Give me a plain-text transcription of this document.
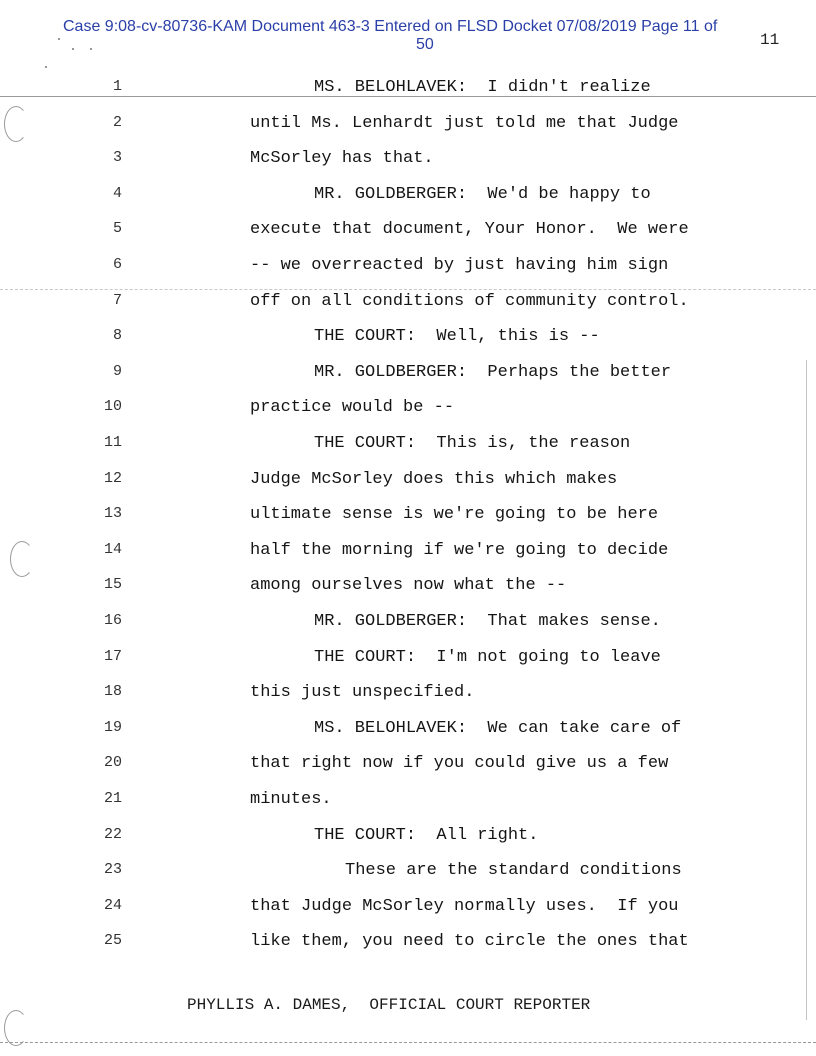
Case 9:08-cv-80736-KAM Document 463-3 Entered on FLSD Docket 07/08/2019 Page 11 of
50	11
1	MS. BELOHLAVEK:  I didn't realize
2	until Ms. Lenhardt just told me that Judge
3	McSorley has that.
4	MR. GOLDBERGER:  We'd be happy to
5	execute that document, Your Honor.  We were
6	-- we overreacted by just having him sign
7	off on all conditions of community control.
8	THE COURT:  Well, this is --
9	MR. GOLDBERGER:  Perhaps the better
10	practice would be --
11	THE COURT:  This is, the reason
12	Judge McSorley does this which makes
13	ultimate sense is we're going to be here
14	half the morning if we're going to decide
15	among ourselves now what the --
16	MR. GOLDBERGER:  That makes sense.
17	THE COURT:  I'm not going to leave
18	this just unspecified.
19	MS. BELOHLAVEK:  We can take care of
20	that right now if you could give us a few
21	minutes.
22	THE COURT:  All right.
23	These are the standard conditions
24	that Judge McSorley normally uses.  If you
25	like them, you need to circle the ones that
PHYLLIS A. DAMES,  OFFICIAL COURT REPORTER
